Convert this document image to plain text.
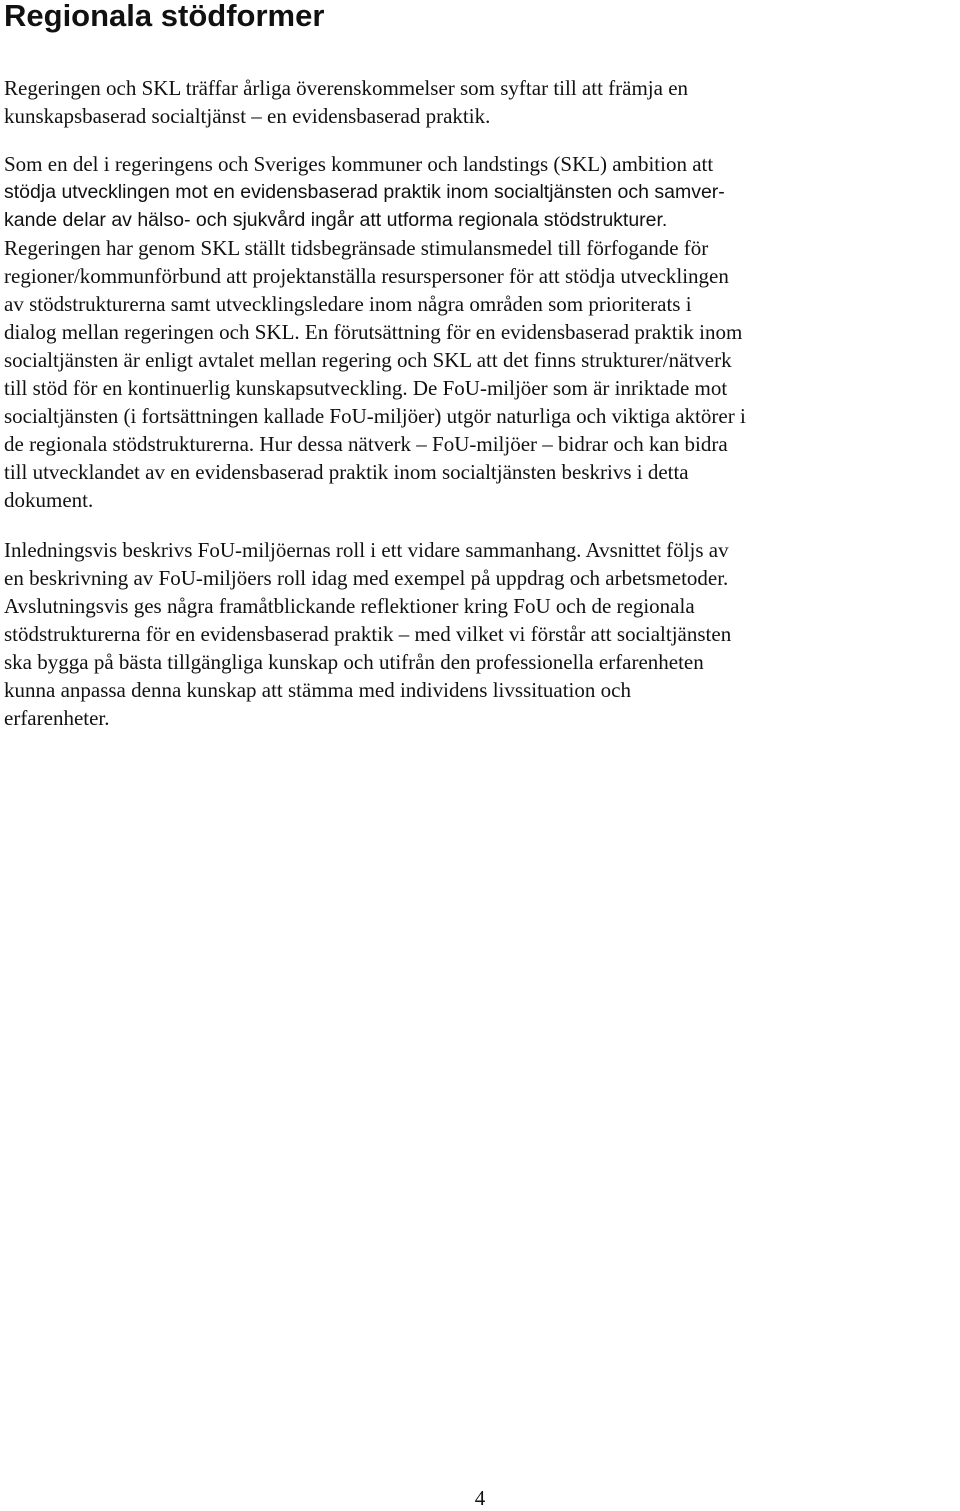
Regionala stödformer

Regeringen och SKL träffar årliga överenskommelser som syftar till att främja en
kunskapsbaserad socialtjänst – en evidensbaserad praktik.

Som en del i regeringens och Sveriges kommuner och landstings (SKL) ambition att
stödja utvecklingen mot en evidensbaserad praktik inom socialtjänsten och samver-
kande delar av hälso- och sjukvård ingår att utforma regionala stödstrukturer.
Regeringen har genom SKL ställt tidsbegränsade stimulansmedel till förfogande för
regioner/kommunförbund att projektanställa resurspersoner för att stödja utvecklingen
av stödstrukturerna samt utvecklingsledare inom några områden som prioriterats i
dialog mellan regeringen och SKL. En förutsättning för en evidensbaserad praktik inom
socialtjänsten är enligt avtalet mellan regering och SKL att det finns strukturer/nätverk
till stöd för en kontinuerlig kunskapsutveckling. De FoU-miljöer som är inriktade mot
socialtjänsten (i fortsättningen kallade FoU-miljöer) utgör naturliga och viktiga aktörer i
de regionala stödstrukturerna. Hur dessa nätverk – FoU-miljöer – bidrar och kan bidra
till utvecklandet av en evidensbaserad praktik inom socialtjänsten beskrivs i detta
dokument.

Inledningsvis beskrivs FoU-miljöernas roll i ett vidare sammanhang. Avsnittet följs av
en beskrivning av FoU-miljöers roll idag med exempel på uppdrag och arbetsmetoder.
Avslutningsvis ges några framåtblickande reflektioner kring FoU och de regionala
stödstrukturerna för en evidensbaserad praktik – med vilket vi förstår att socialtjänsten
ska bygga på bästa tillgängliga kunskap och utifrån den professionella erfarenheten
kunna anpassa denna kunskap att stämma med individens livssituation och
erfarenheter.

4
